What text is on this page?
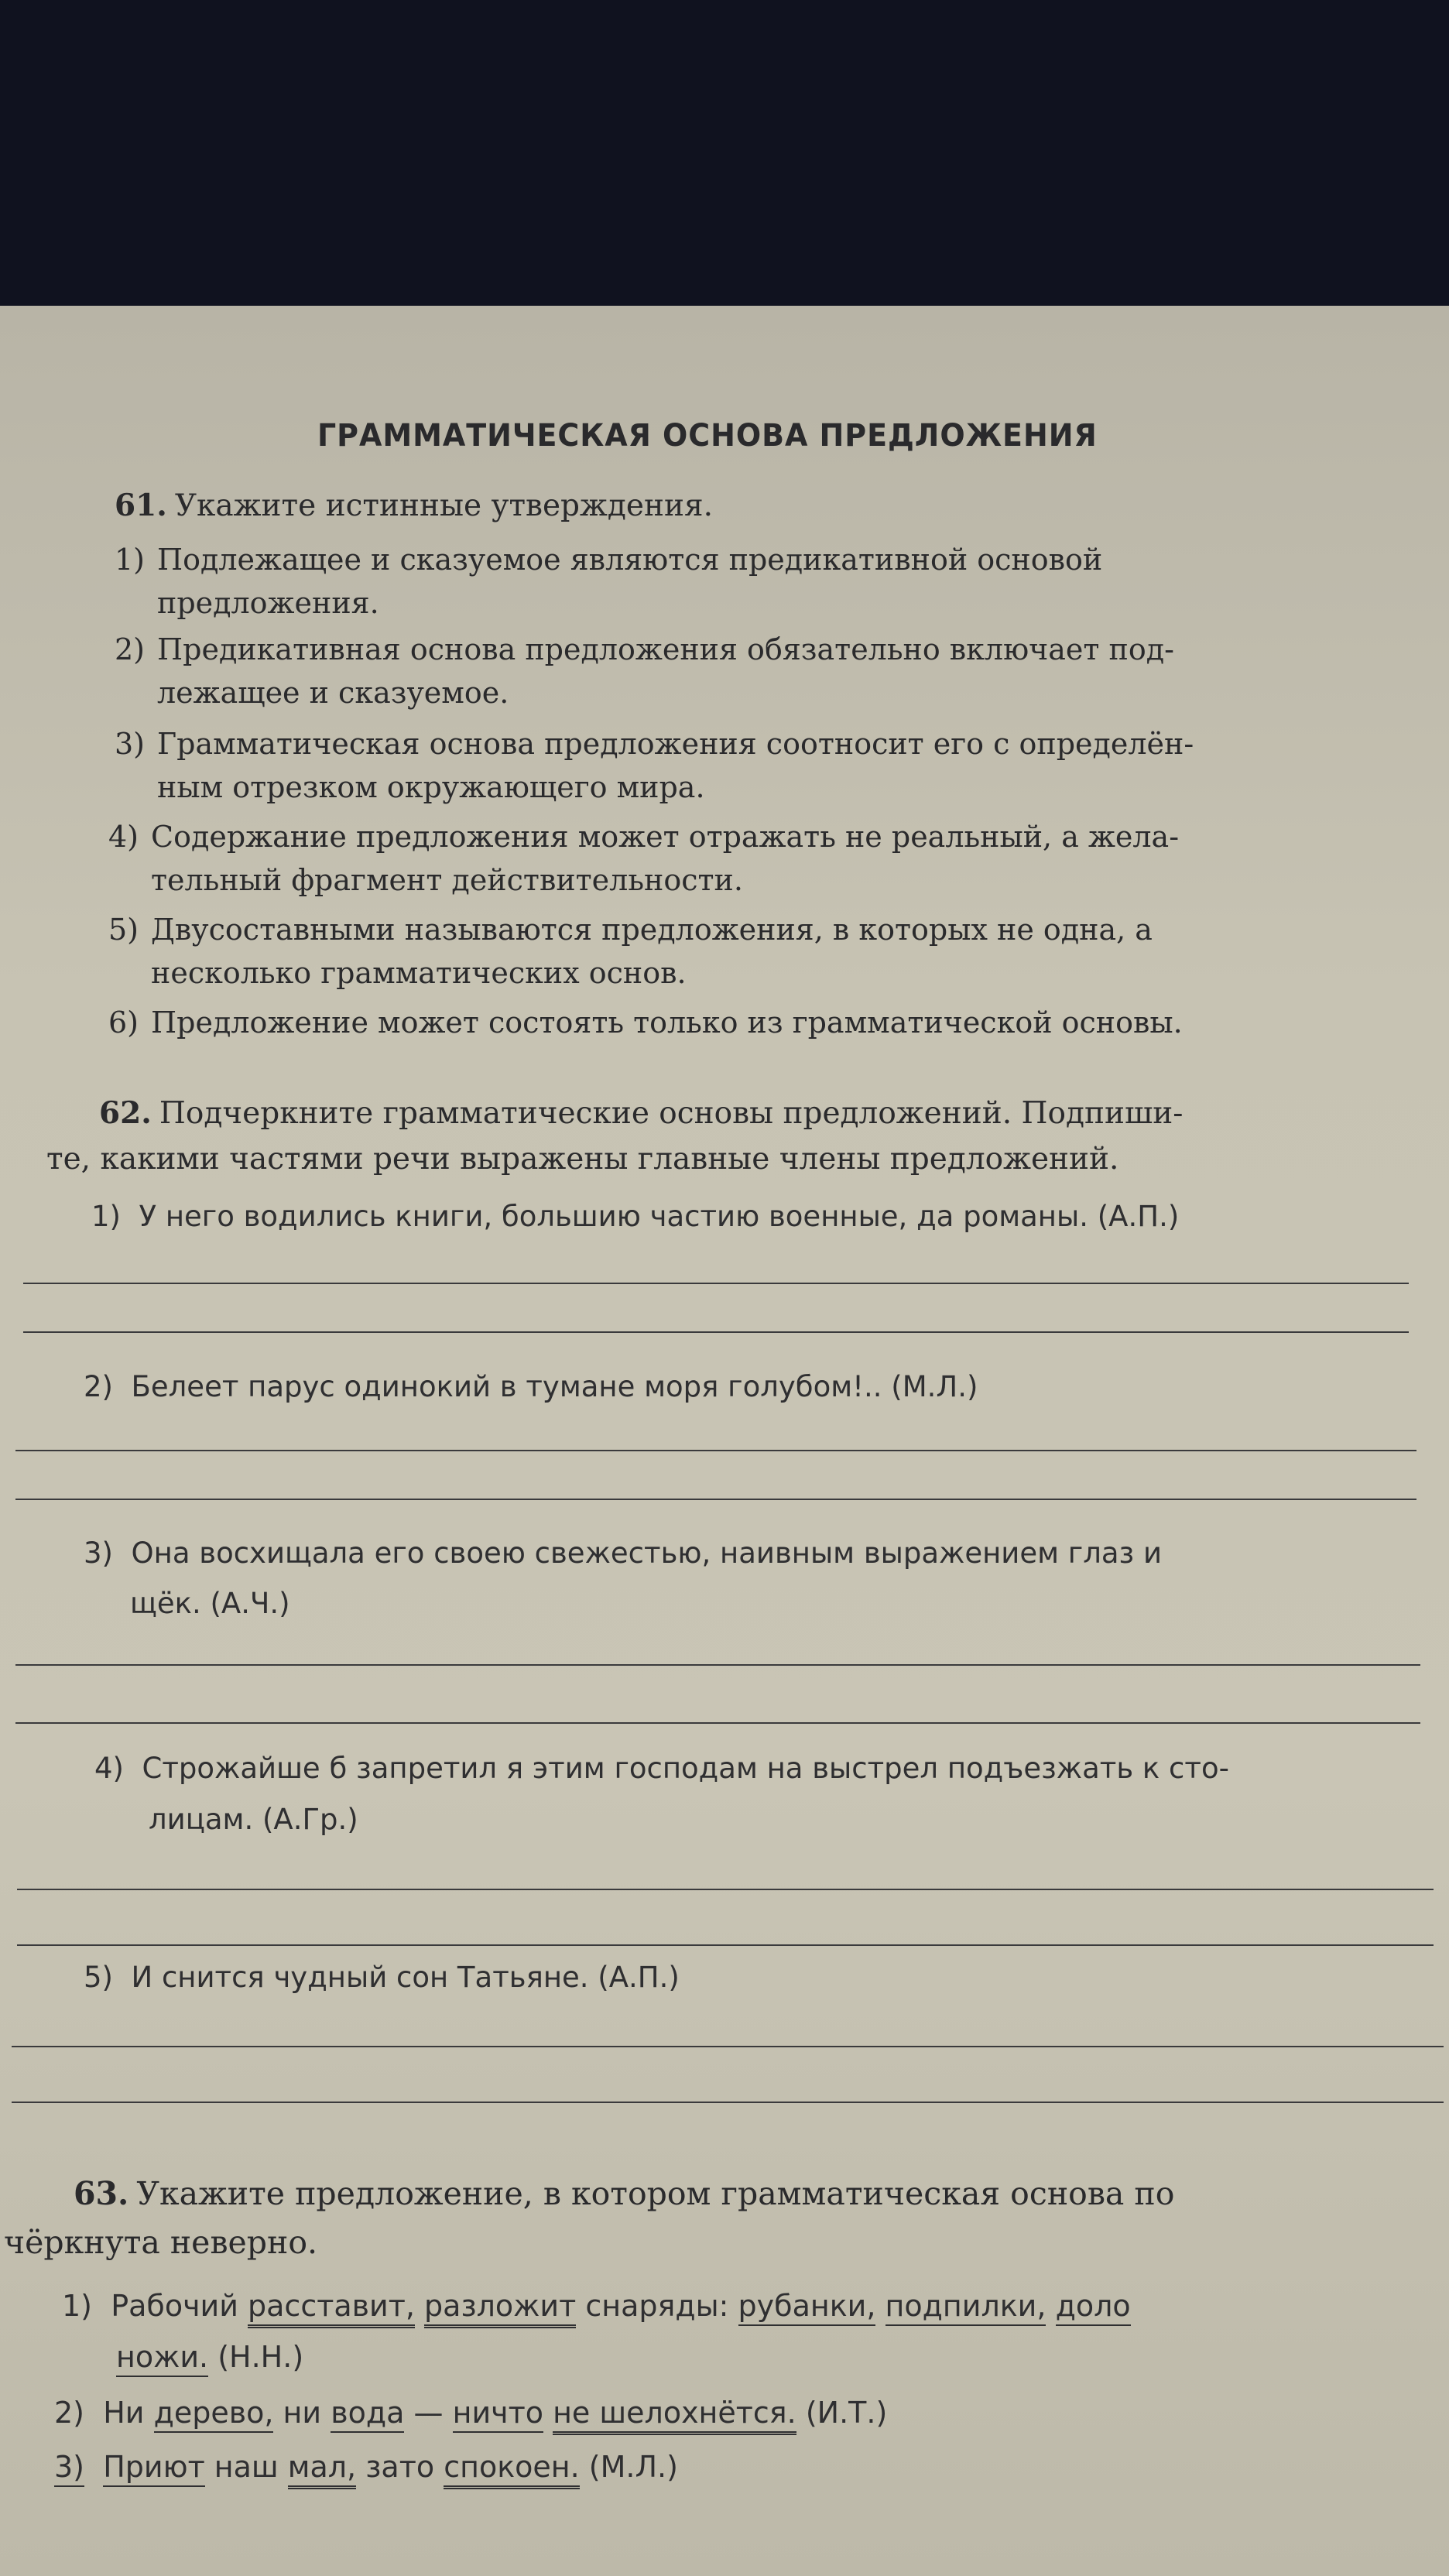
ГРАММАТИЧЕСКАЯ ОСНОВА ПРЕДЛОЖЕНИЯ
61. Укажите истинные утверждения.
1) Подлежащее и сказуемое являются предикативной основой
предложения.
2) Предикативная основа предложения обязательно включает под-
лежащее и сказуемое.
3) Грамматическая основа предложения соотносит его с определён-
ным отрезком окружающего мира.
4) Содержание предложения может отражать не реальный, а жела-
тельный фрагмент действительности.
5) Двусоставными называются предложения, в которых не одна, а
несколько грамматических основ.
6) Предложение может состоять только из грамматической основы.
62. Подчеркните грамматические основы предложений. Подпиши-
те, какими частями речи выражены главные члены предложений.
1) У него водились книги, большию частию военные, да романы. (А.П.)
2) Белеет парус одинокий в тумане моря голубом!.. (М.Л.)
3) Она восхищала его своею свежестью, наивным выражением глаз и
щёк. (А.Ч.)
4) Строжайше б запретил я этим господам на выстрел подъезжать к сто-
лицам. (А.Гр.)
5) И снится чудный сон Татьяне. (А.П.)
63. Укажите предложение, в котором грамматическая основа по
чёркнута неверно.
1) Рабочий расставит, разложит снаряды: рубанки, подпилки, доло
ножи. (Н.Н.)
2) Ни дерево, ни вода — ничто не шелохнётся. (И.Т.)
3) Приют наш мал, зато спокоен. (М.Л.)
